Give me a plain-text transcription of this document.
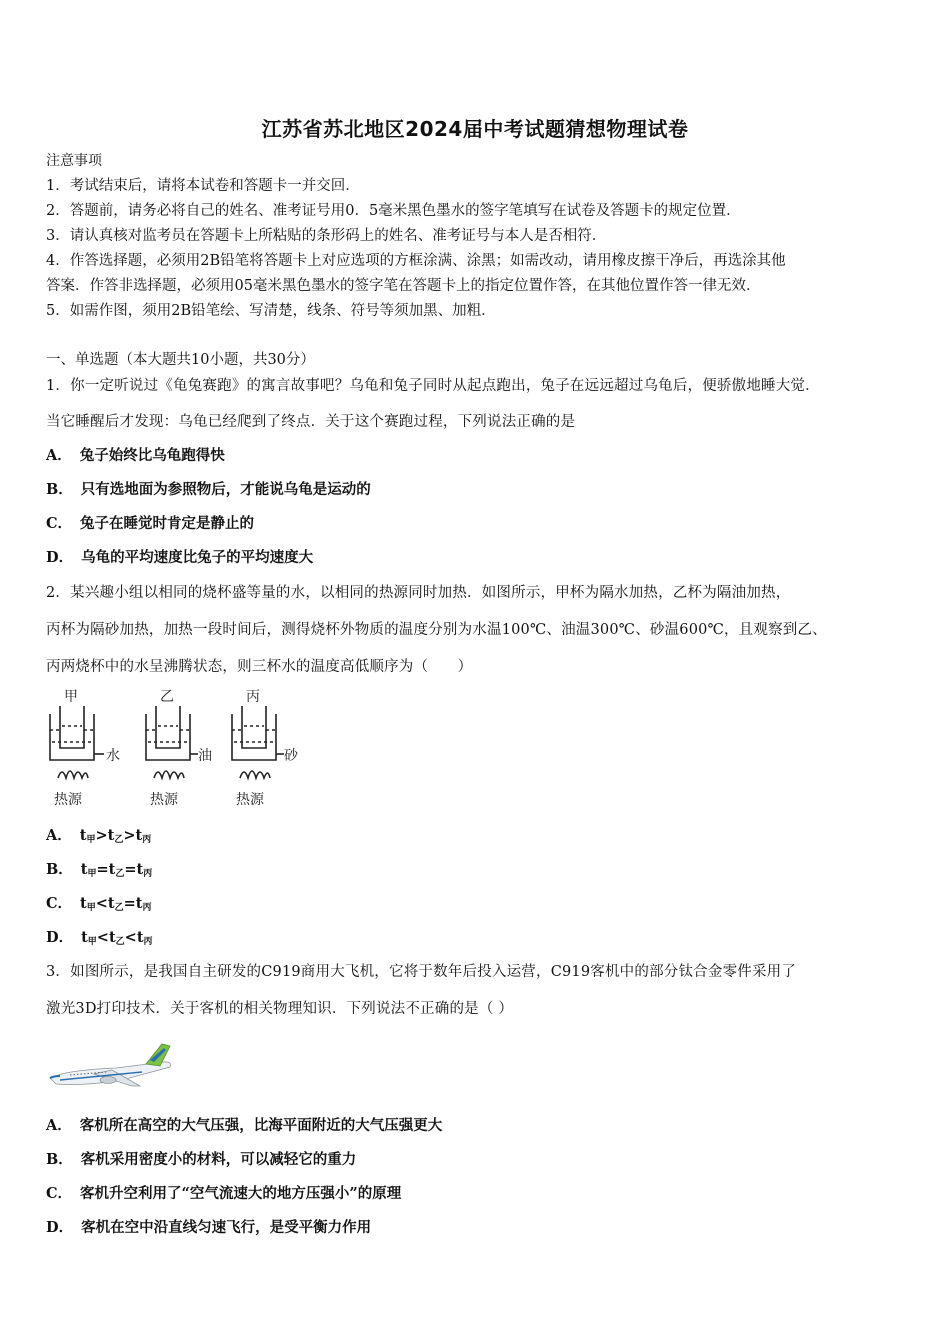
江苏省苏北地区2024届中考试题猜想物理试卷
注意事项
1．考试结束后，请将本试卷和答题卡一并交回．
2．答题前，请务必将自己的姓名、准考证号用0．5毫米黑色墨水的签字笔填写在试卷及答题卡的规定位置．
3．请认真核对监考员在答题卡上所粘贴的条形码上的姓名、准考证号与本人是否相符．
4．作答选择题，必须用2B铅笔将答题卡上对应选项的方框涂满、涂黑；如需改动，请用橡皮擦干净后，再选涂其他
答案．作答非选择题，必须用05毫米黑色墨水的签字笔在答题卡上的指定位置作答，在其他位置作答一律无效．
5．如需作图，须用2B铅笔绘、写清楚，线条、符号等须加黑、加粗．
一、单选题（本大题共10小题，共30分）
1．你一定听说过《龟兔赛跑》的寓言故事吧？乌龟和兔子同时从起点跑出，兔子在远远超过乌龟后，便骄傲地睡大觉．
当它睡醒后才发现：乌龟已经爬到了终点．关于这个赛跑过程，下列说法正确的是
A． 兔子始终比乌龟跑得快
B． 只有选地面为参照物后，才能说乌龟是运动的
C． 兔子在睡觉时肯定是静止的
D． 乌龟的平均速度比兔子的平均速度大
2．某兴趣小组以相同的烧杯盛等量的水，以相同的热源同时加热．如图所示，甲杯为隔水加热，乙杯为隔油加热，
丙杯为隔砂加热，加热一段时间后，测得烧杯外物质的温度分别为水温100℃、油温300℃、砂温600℃，且观察到乙、
丙两烧杯中的水呈沸腾状态，则三杯水的温度高低顺序为（　　）
甲
水
热源
乙
油
热源
丙
砂
热源
A． $t_甲>t_乙>t_丙$
B． $t_甲=t_乙=t_丙$
C． $t_甲<t_乙=t_丙$
D． $t_甲<t_乙<t_丙$
3．如图所示，是我国自主研发的C919商用大飞机，它将于数年后投入运营，C919客机中的部分钛合金零件采用了
激光3D打印技术．关于客机的相关物理知识．下列说法不正确的是（ ）
A． 客机所在高空的大气压强，比海平面附近的大气压强更大
B． 客机采用密度小的材料，可以减轻它的重力
C． 客机升空利用了“空气流速大的地方压强小”的原理
D． 客机在空中沿直线匀速飞行，是受平衡力作用
